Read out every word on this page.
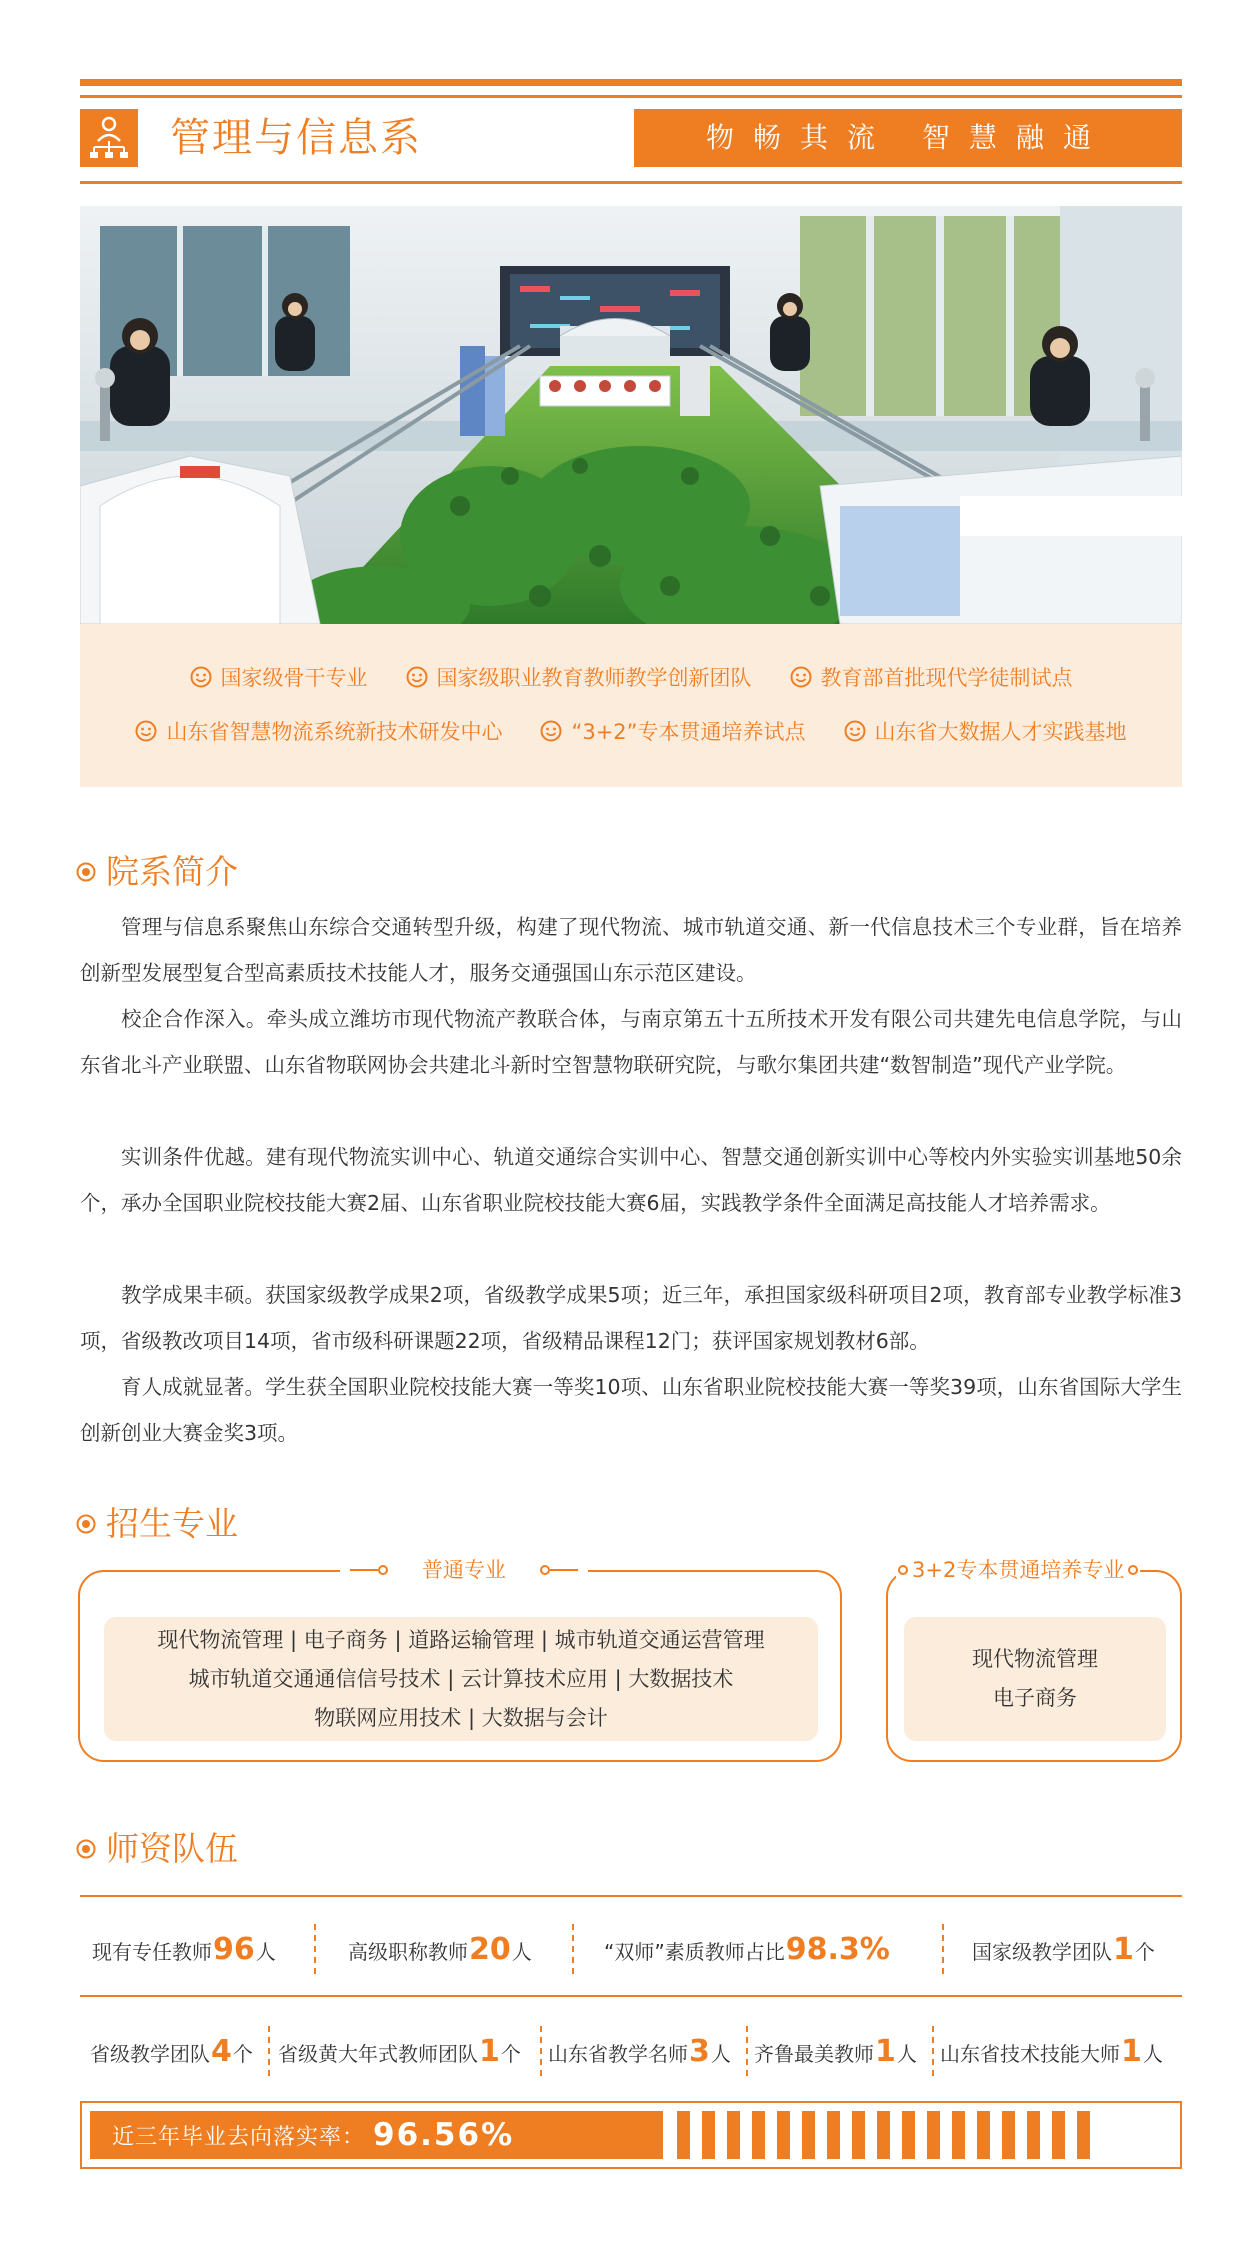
管理与信息系	物畅其流 智慧融通
国家级骨干专业	国家级职业教育教师教学创新团队	教育部首批现代学徒制试点
山东省智慧物流系统新技术研发中心	“3+2”专本贯通培养试点	山东省大数据人才实践基地
院系简介

管理与信息系聚焦山东综合交通转型升级，构建了现代物流、城市轨道交通、新一代信息技术三个专业群，旨在培养创新型发展型复合型高素质技术技能人才，服务交通强国山东示范区建设。

校企合作深入。牵头成立潍坊市现代物流产教联合体，与南京第五十五所技术开发有限公司共建先电信息学院，与山东省北斗产业联盟、山东省物联网协会共建北斗新时空智慧物联研究院，与歌尔集团共建“数智制造”现代产业学院。

实训条件优越。建有现代物流实训中心、轨道交通综合实训中心、智慧交通创新实训中心等校内外实验实训基地50余个，承办全国职业院校技能大赛2届、山东省职业院校技能大赛6届，实践教学条件全面满足高技能人才培养需求。

教学成果丰硕。获国家级教学成果2项，省级教学成果5项；近三年，承担国家级科研项目2项，教育部专业教学标准3项，省级教改项目14项，省市级科研课题22项，省级精品课程12门；获评国家规划教材6部。

育人成就显著。学生获全国职业院校技能大赛一等奖10项、山东省职业院校技能大赛一等奖39项，山东省国际大学生创新创业大赛金奖3项。

招生专业
现代物流管理 | 电子商务 | 道路运输管理 | 城市轨道交通运营管理
城市轨道交通通信信号技术 | 云计算技术应用 | 大数据技术
物联网应用技术 | 大数据与会计
普通专业
现代物流管理
电子商务
3+2专本贯通培养专业
师资队伍
现有专任教师 96 人	高级职称教师 20 人	“双师”素质教师占比 98.3%	国家级教学团队 1 个
省级教学团队 4 个 省级黄大年式教师团队 1 个 山东省教学名师 3 人 齐鲁最美教师 1 人 山东省技术技能大师 1 人
近三年毕业去向落实率： 96.56%
